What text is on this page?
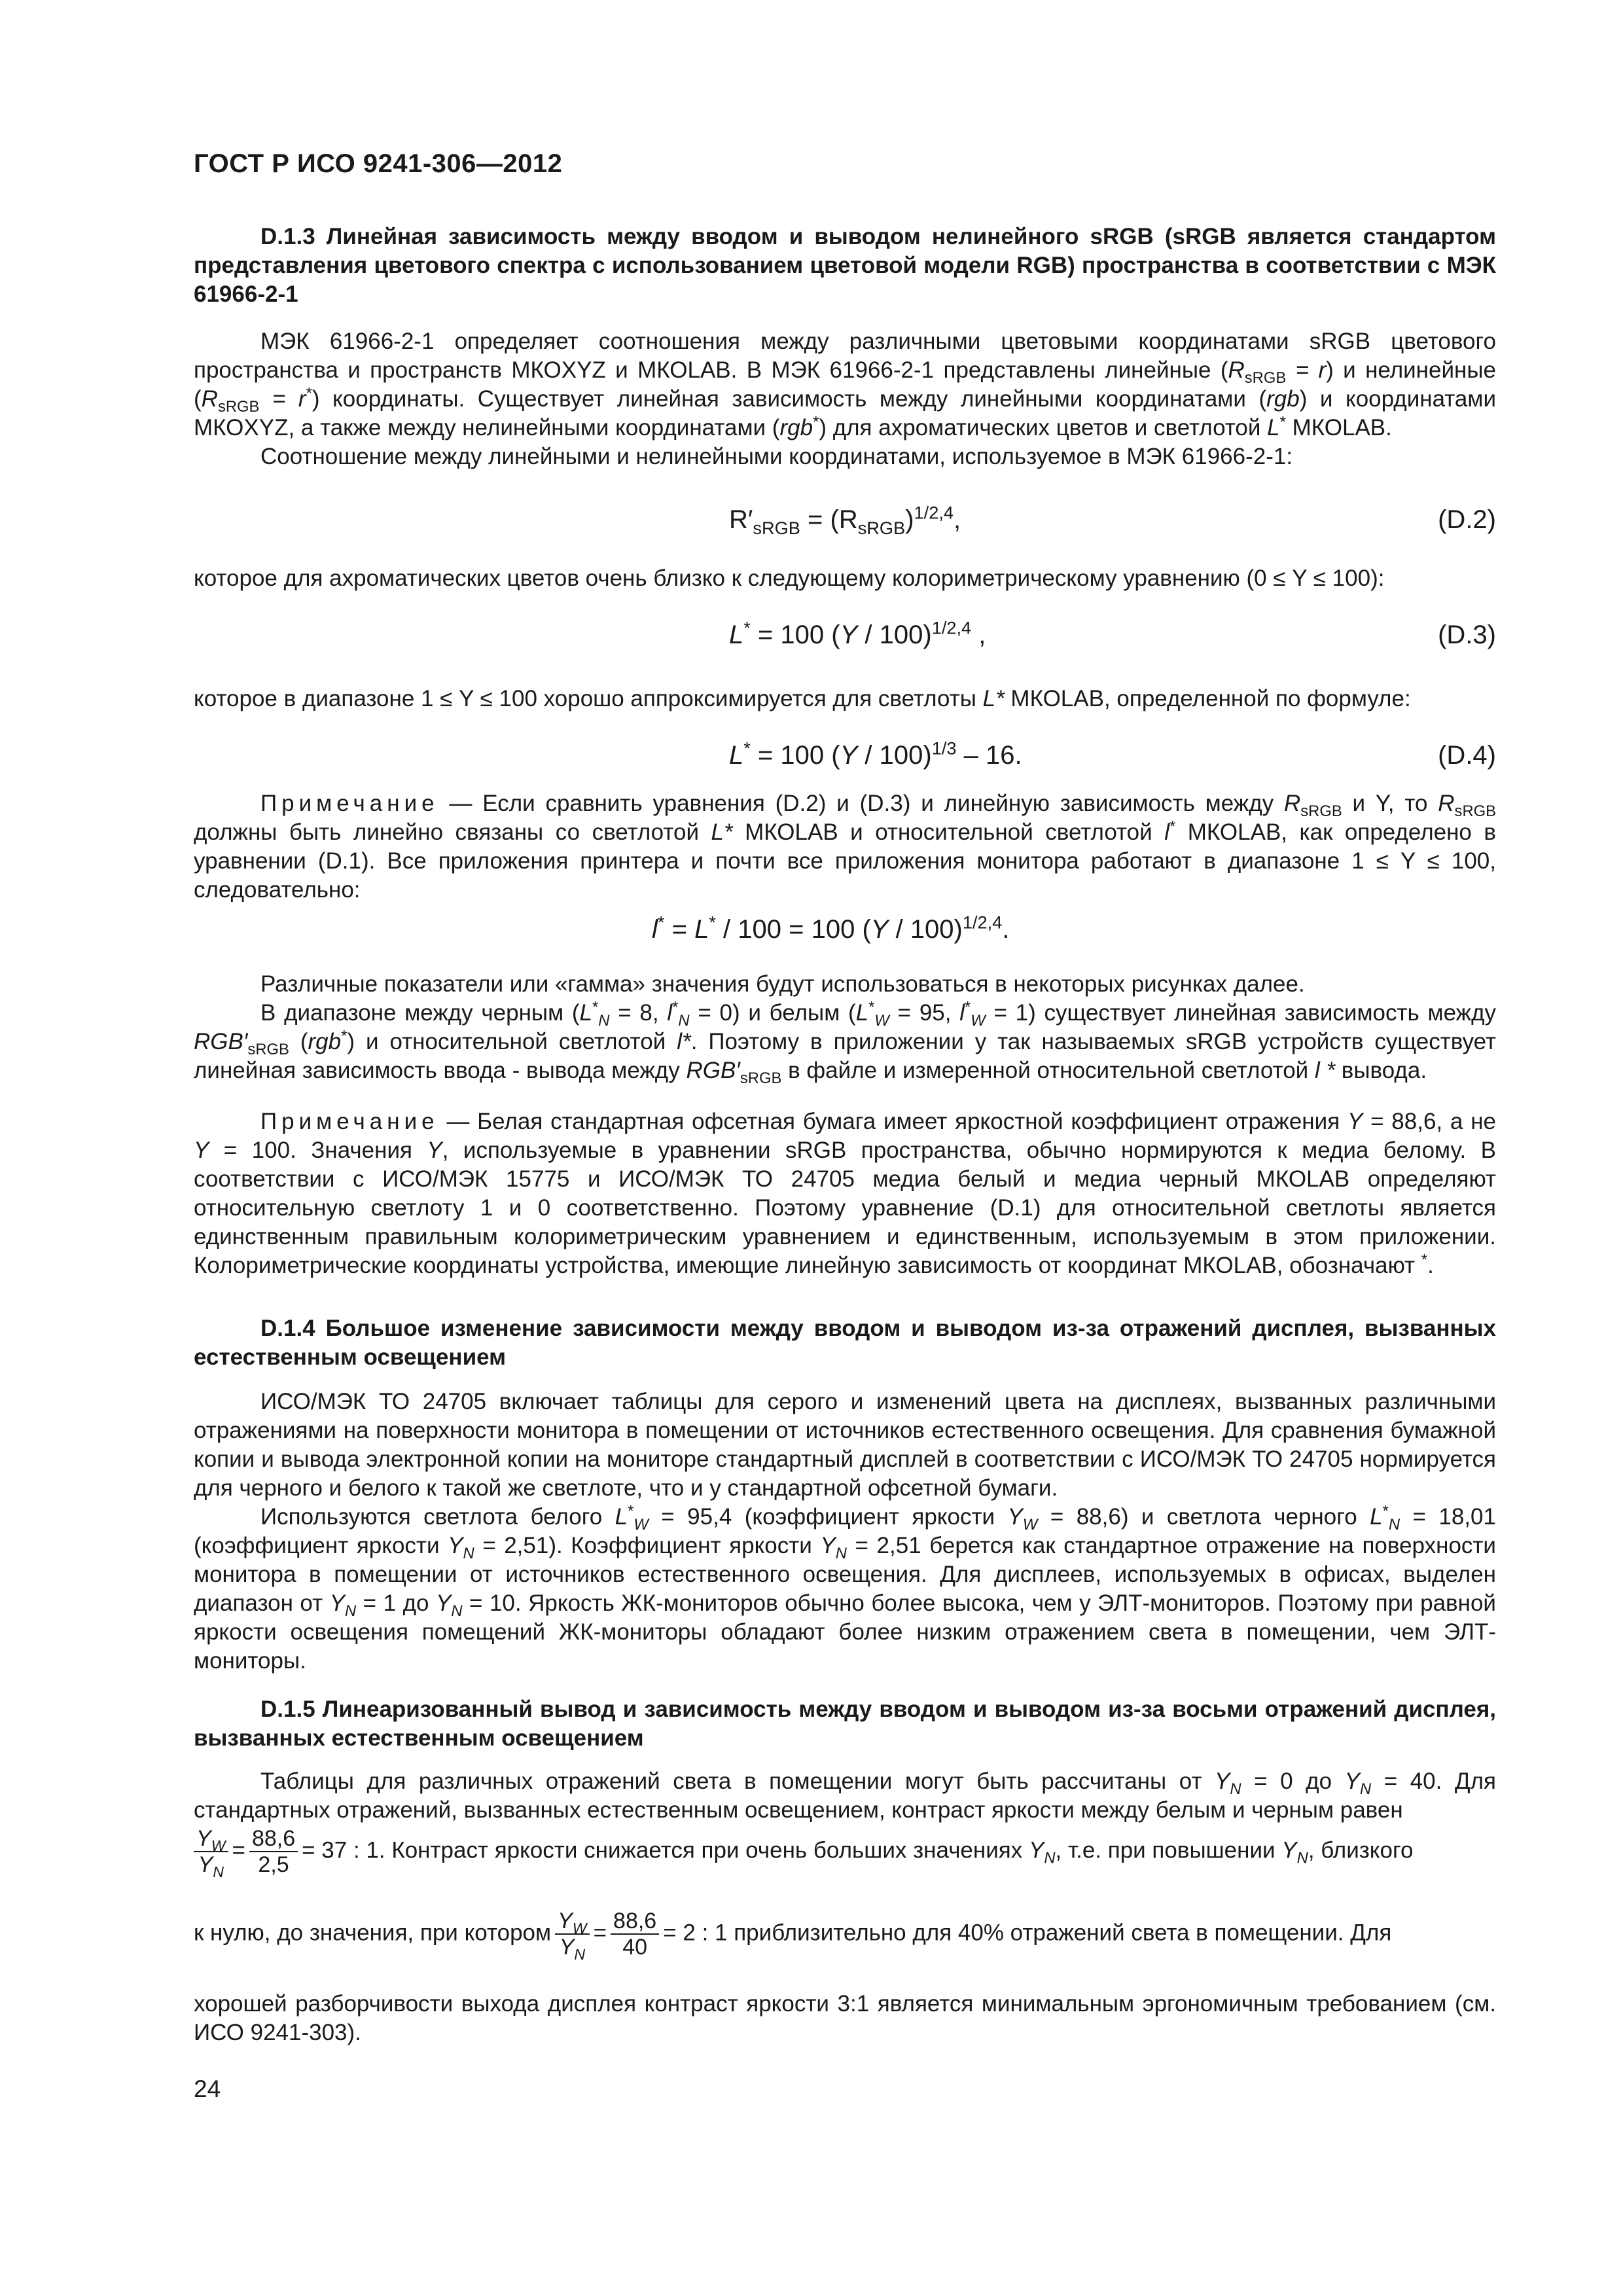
ГОСТ Р ИСО 9241-306—2012

D.1.3 Линейная зависимость между вводом и выводом нелинейного sRGB (sRGB является стандартом представления цветового спектра с использованием цветовой модели RGB) пространства в соответствии с МЭК 61966-2-1

МЭК 61966-2-1 определяет соотношения между различными цветовыми координатами sRGB цветового пространства и пространств МКОXYZ и МКОLAB. В МЭК 61966-2-1 представлены линейные $(R_{sRGB} = r)$ и нелинейные $(R_{sRGB} = r^*)$ координаты. Существует линейная зависимость между линейными координатами (rgb) и координатами МКОXYZ, а также между нелинейными координатами (rgb*) для ахроматических цветов и светлотой L* МКОLAB.

Соотношение между линейными и нелинейными координатами, используемое в МЭК 61966-2-1:

$R'_{sRGB} = (R_{sRGB})^{1/2,4}$,	(D.2)
которое для ахроматических цветов очень близко к следующему колориметрическому уравнению (0 ≤ Y ≤ 100):
L* = 100 (Y / 100)$^{1/2,4}$ ,	(D.3)
которое в диапазоне 1 ≤ Y ≤ 100 хорошо аппроксимируется для светлоты L* МКОLAB, определенной по формуле:
L* = 100 (Y / 100)$^{1/3}$ – 16.	(D.4)

Примечание — Если сравнить уравнения (D.2) и (D.3) и линейную зависимость между $R_{sRGB}$ и Y, то $R_{sRGB}$ должны быть линейно связаны со светлотой L* МКОLAB и относительной светлотой l* МКОLAB, как определено в уравнении (D.1). Все приложения принтера и почти все приложения монитора работают в диапазоне 1 ≤ Y ≤ 100, следовательно:

l* = L* / 100 = 100 (Y / 100)$^{1/2,4}$.

Различные показатели или «гамма» значения будут использоваться в некоторых рисунках далее.

В диапазоне между черным ($L^*_N = 8$, $l^*_N = 0$) и белым ($L^*_W = 95$, $l^*_W = 1$) существует линейная зависимость между $RGB'_{sRGB}$ (rgb*) и относительной светлотой l*. Поэтому в приложении у так называемых sRGB устройств существует линейная зависимость ввода - вывода между $RGB'_{sRGB}$ в файле и измеренной относительной светлотой l * вывода.

Примечание — Белая стандартная офсетная бумага имеет яркостной коэффициент отражения Y = 88,6, а не Y = 100. Значения Y, используемые в уравнении sRGB пространства, обычно нормируются к медиа белому. В соответствии с ИСО/МЭК 15775 и ИСО/МЭК ТО 24705 медиа белый и медиа черный МКОLAB определяют относительную светлоту 1 и 0 соответственно. Поэтому уравнение (D.1) для относительной светлоты является единственным правильным колориметрическим уравнением и единственным, используемым в этом приложении. Колориметрические координаты устройства, имеющие линейную зависимость от координат МКОLAB, обозначают *.

D.1.4 Большое изменение зависимости между вводом и выводом из-за отражений дисплея, вызванных естественным освещением

ИСО/МЭК ТО 24705 включает таблицы для серого и изменений цвета на дисплеях, вызванных различными отражениями на поверхности монитора в помещении от источников естественного освещения. Для сравнения бумажной копии и вывода электронной копии на мониторе стандартный дисплей в соответствии с ИСО/МЭК ТО 24705 нормируется для черного и белого к такой же светлоте, что и у стандартной офсетной бумаги.

Используются светлота белого $L^*_W = 95,4$ (коэффициент яркости $Y_W = 88,6$) и светлота черного $L^*_N = 18,01$ (коэффициент яркости $Y_N = 2,51$). Коэффициент яркости $Y_N = 2,51$ берется как стандартное отражение на поверхности монитора в помещении от источников естественного освещения. Для дисплеев, используемых в офисах, выделен диапазон от $Y_N = 1$ до $Y_N = 10$. Яркость ЖК-мониторов обычно более высока, чем у ЭЛТ-мониторов. Поэтому при равной яркости освещения помещений ЖК-мониторы обладают более низким отражением света в помещении, чем ЭЛТ-мониторы.

D.1.5 Линеаризованный вывод и зависимость между вводом и выводом из-за восьми отражений дисплея, вызванных естественным освещением

Таблицы для различных отражений света в помещении могут быть рассчитаны от $Y_N = 0$ до $Y_N = 40$. Для стандартных отражений, вызванных естественным освещением, контраст яркости между белым и черным равен

$\frac{Y_W}{Y_N} = \frac{88,6}{2,5} = 37$ : 1. Контраст яркости снижается при очень больших значениях $Y_N$, т.е. при повышении $Y_N$, близкого
к нулю, до значения, при котором $\frac{Y_W}{Y_N} = \frac{88,6}{40} = 2$ : 1 приблизительно для 40% отражений света в помещении. Для
хорошей разборчивости выхода дисплея контраст яркости 3:1 является минимальным эргономичным требованием (см. ИСО 9241-303).
24
